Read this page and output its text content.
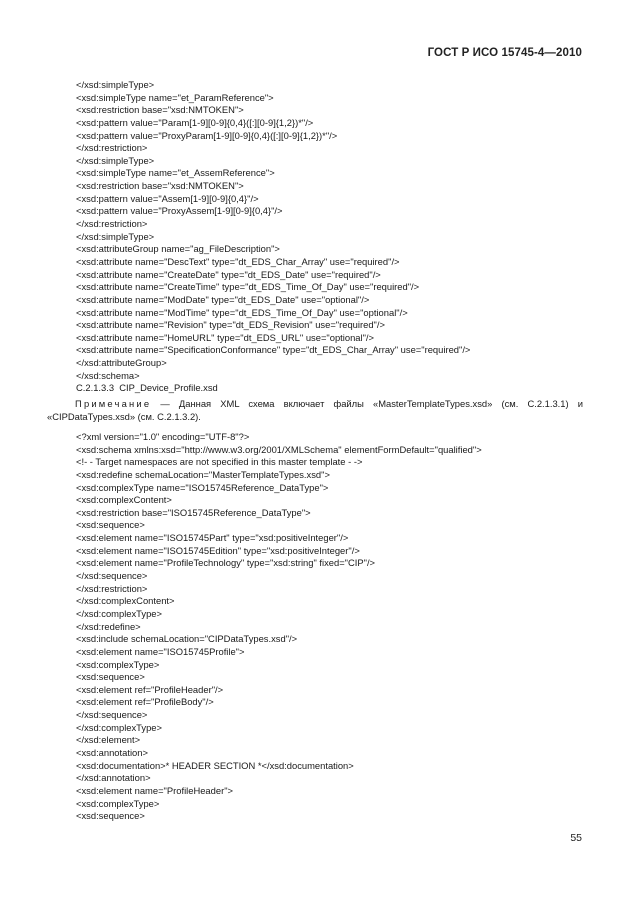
ГОСТ Р ИСО 15745-4—2010
</xsd:simpleType>
<xsd:simpleType name="et_ParamReference">
<xsd:restriction base="xsd:NMTOKEN">
<xsd:pattern value="Param[1-9][0-9]{0,4}([:][0-9]{1,2})*"/>
<xsd:pattern value="ProxyParam[1-9][0-9]{0,4}([:][0-9]{1,2})*"/>
</xsd:restriction>
</xsd:simpleType>
<xsd:simpleType name="et_AssemReference">
<xsd:restriction base="xsd:NMTOKEN">
<xsd:pattern value="Assem[1-9][0-9]{0,4}"/>
<xsd:pattern value="ProxyAssem[1-9][0-9]{0,4}"/>
</xsd:restriction>
</xsd:simpleType>
<xsd:attributeGroup name="ag_FileDescription">
<xsd:attribute name="DescText" type="dt_EDS_Char_Array" use="required"/>
<xsd:attribute name="CreateDate" type="dt_EDS_Date" use="required"/>
<xsd:attribute name="CreateTime" type="dt_EDS_Time_Of_Day" use="required"/>
<xsd:attribute name="ModDate" type="dt_EDS_Date" use="optional"/>
<xsd:attribute name="ModTime" type="dt_EDS_Time_Of_Day" use="optional"/>
<xsd:attribute name="Revision" type="dt_EDS_Revision" use="required"/>
<xsd:attribute name="HomeURL" type="dt_EDS_URL" use="optional"/>
<xsd:attribute name="SpecificationConformance" type="dt_EDS_Char_Array" use="required"/>
</xsd:attributeGroup>
</xsd:schema>
C.2.1.3.3  CIP_Device_Profile.xsd

Примечание — Данная XML схема включает файлы «MasterTemplateTypes.xsd» (см. C.2.1.3.1) и «CIPDataTypes.xsd» (см. C.2.1.3.2).

<?xml version="1.0" encoding="UTF-8"?>
<xsd:schema xmlns:xsd="http://www.w3.org/2001/XMLSchema" elementFormDefault="qualified">
<!- - Target namespaces are not specified in this master template - ->
<xsd:redefine schemaLocation="MasterTemplateTypes.xsd">
<xsd:complexType name="ISO15745Reference_DataType">
<xsd:complexContent>
<xsd:restriction base="ISO15745Reference_DataType">
<xsd:sequence>
<xsd:element name="ISO15745Part" type="xsd:positiveInteger"/>
<xsd:element name="ISO15745Edition" type="xsd:positiveInteger"/>
<xsd:element name="ProfileTechnology" type="xsd:string" fixed="CIP"/>
</xsd:sequence>
</xsd:restriction>
</xsd:complexContent>
</xsd:complexType>
</xsd:redefine>
<xsd:include schemaLocation="CIPDataTypes.xsd"/>
<xsd:element name="ISO15745Profile">
<xsd:complexType>
<xsd:sequence>
<xsd:element ref="ProfileHeader"/>
<xsd:element ref="ProfileBody"/>
</xsd:sequence>
</xsd:complexType>
</xsd:element>
<xsd:annotation>
<xsd:documentation>* HEADER SECTION *</xsd:documentation>
</xsd:annotation>
<xsd:element name="ProfileHeader">
<xsd:complexType>
<xsd:sequence>
55
